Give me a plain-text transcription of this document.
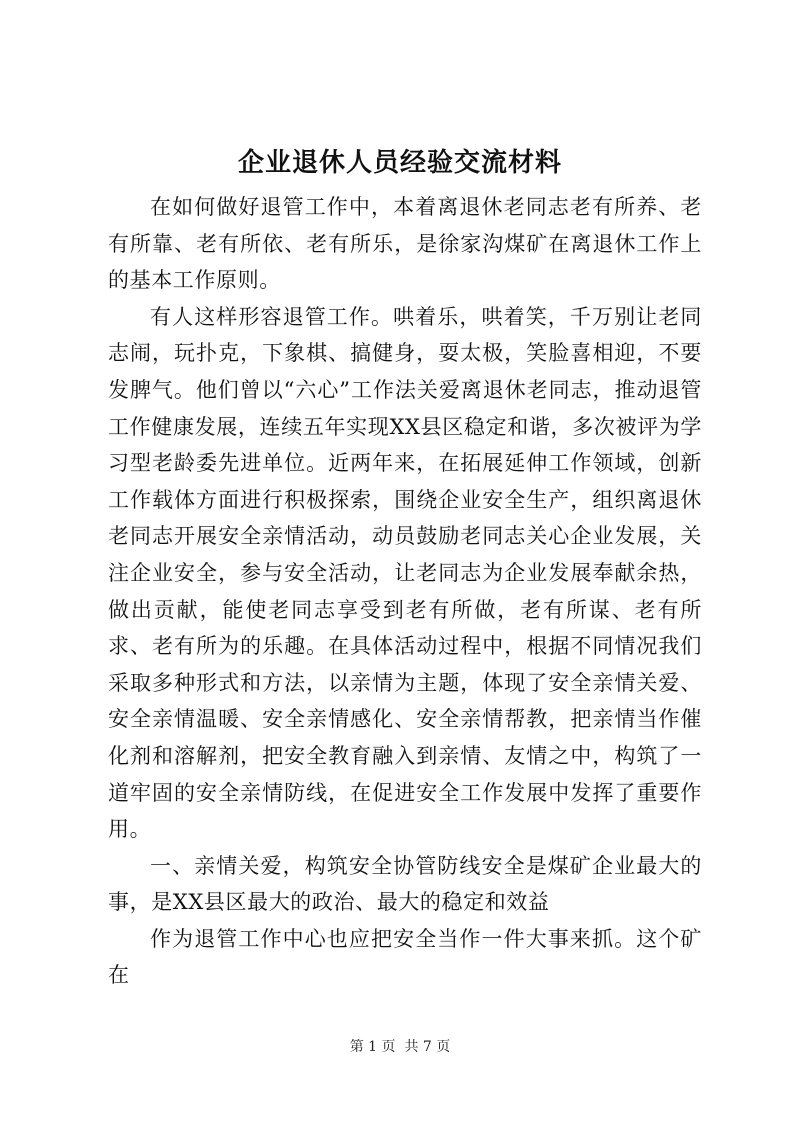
企业退休人员经验交流材料

在如何做好退管工作中，本着离退休老同志老有所养、老有所靠、老有所依、老有所乐，是徐家沟煤矿在离退休工作上的基本工作原则。

有人这样形容退管工作。哄着乐，哄着笑，千万别让老同志闹，玩扑克，下象棋、搞健身，耍太极，笑脸喜相迎，不要发脾气。他们曾以“六心”工作法关爱离退休老同志，推动退管工作健康发展，连续五年实现XX县区稳定和谐，多次被评为学习型老龄委先进单位。近两年来，在拓展延伸工作领域，创新工作载体方面进行积极探索，围绕企业安全生产，组织离退休老同志开展安全亲情活动，动员鼓励老同志关心企业发展，关注企业安全，参与安全活动，让老同志为企业发展奉献余热，做出贡献，能使老同志享受到老有所做，老有所谋、老有所求、老有所为的乐趣。在具体活动过程中，根据不同情况我们采取多种形式和方法，以亲情为主题，体现了安全亲情关爱、安全亲情温暖、安全亲情感化、安全亲情帮教，把亲情当作催化剂和溶解剂，把安全教育融入到亲情、友情之中，构筑了一道牢固的安全亲情防线，在促进安全工作发展中发挥了重要作用。

一、亲情关爱，构筑安全协管防线安全是煤矿企业最大的事，是XX县区最大的政治、最大的稳定和效益

作为退管工作中心也应把安全当作一件大事来抓。这个矿在

第 1 页  共 7 页
